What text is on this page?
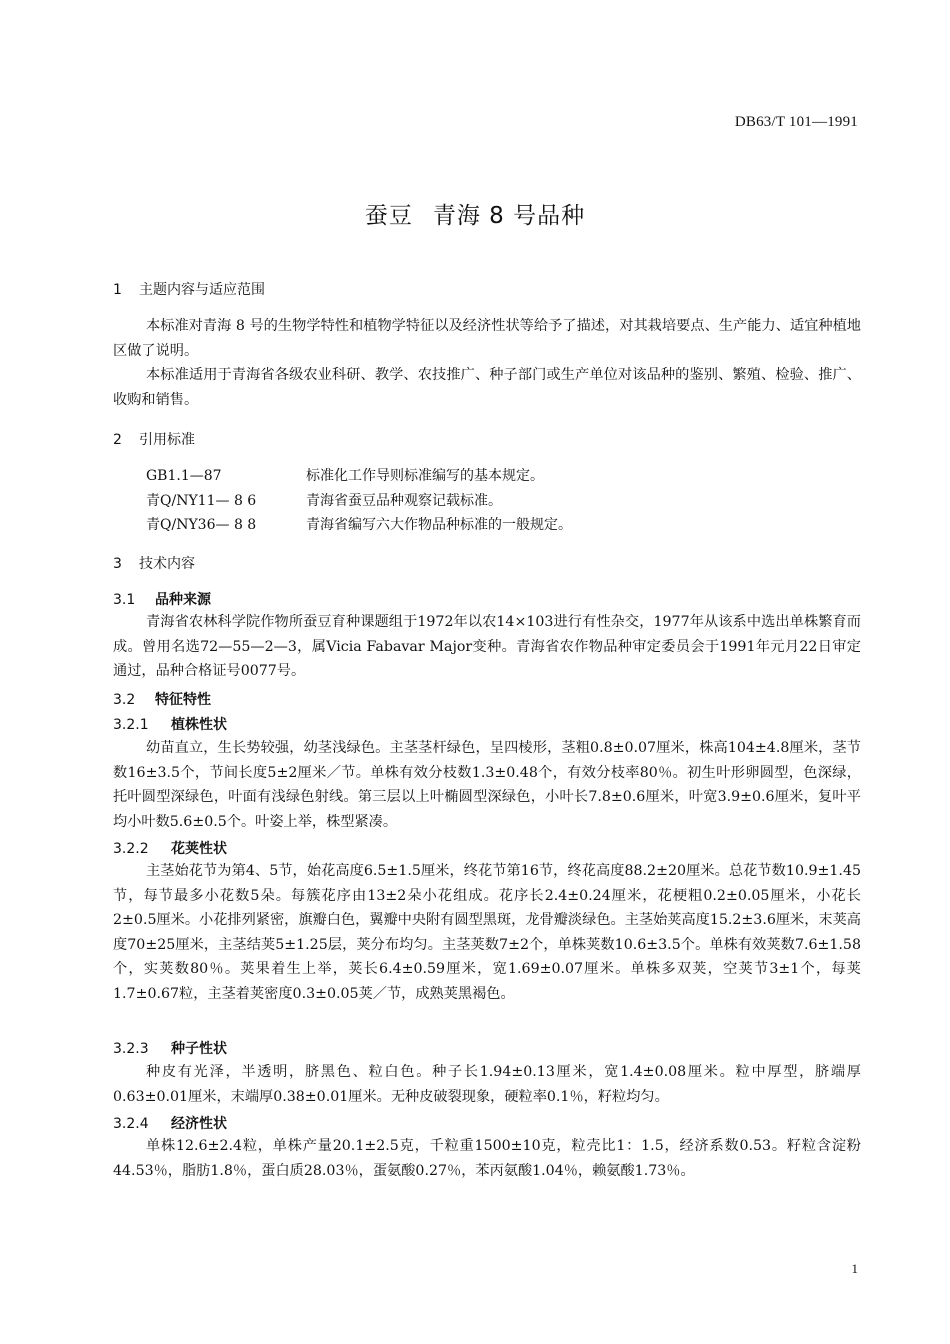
DB63/T 101—1991
蚕豆 青海 8 号品种
1 主题内容与适应范围
本标准对青海 8 号的生物学特性和植物学特征以及经济性状等给予了描述，对其栽培要点、生产能力、适宜种植地区做了说明。
本标准适用于青海省各级农业科研、教学、农技推广、种子部门或生产单位对该品种的鉴别、繁殖、检验、推广、收购和销售。
2 引用标准
GB1.1—87	标准化工作导则标准编写的基本规定。
青Q/NY11— 8 6	青海省蚕豆品种观察记载标准。
青Q/NY36— 8 8	青海省编写六大作物品种标准的一般规定。
3 技术内容
3.1 品种来源
青海省农林科学院作物所蚕豆育种课题组于1972年以农14×103进行有性杂交，1977年从该系中选出单株繁育而成。曾用名选72—55—2—3，属Vicia Fabavar Major变种。青海省农作物品种审定委员会于1991年元月22日审定通过，品种合格证号0077号。
3.2 特征特性
3.2.1 植株性状
幼苗直立，生长势较强，幼茎浅绿色。主茎茎杆绿色，呈四棱形，茎粗0.8±0.07厘米，株高104±4.8厘米，茎节数16±3.5个，节间长度5±2厘米／节。单株有效分枝数1.3±0.48个，有效分枝率80％。初生叶形卵圆型，色深绿，托叶圆型深绿色，叶面有浅绿色射线。第三层以上叶椭圆型深绿色，小叶长7.8±0.6厘米，叶宽3.9±0.6厘米，复叶平均小叶数5.6±0.5个。叶姿上举，株型紧凑。
3.2.2 花荚性状
主茎始花节为第4、5节，始花高度6.5±1.5厘米，终花节第16节，终花高度88.2±20厘米。总花节数10.9±1.45节，每节最多小花数5朵。每簇花序由13±2朵小花组成。花序长2.4±0.24厘米，花梗粗0.2±0.05厘米，小花长2±0.5厘米。小花排列紧密，旗瓣白色，翼瓣中央附有圆型黑斑，龙骨瓣淡绿色。主茎始荚高度15.2±3.6厘米，末荚高度70±25厘米，主茎结荚5±1.25层，荚分布均匀。主茎荚数7±2个，单株荚数10.6±3.5个。单株有效荚数7.6±1.58个，实荚数80％。荚果着生上举，荚长6.4±0.59厘米，宽1.69±0.07厘米。单株多双荚，空荚节3±1个，每荚1.7±0.67粒，主茎着荚密度0.3±0.05荚／节，成熟荚黑褐色。
3.2.3 种子性状
种皮有光泽，半透明，脐黑色、粒白色。种子长1.94±0.13厘米，宽1.4±0.08厘米。粒中厚型，脐端厚0.63±0.01厘米，末端厚0.38±0.01厘米。无种皮破裂现象，硬粒率0.1％，籽粒均匀。
3.2.4 经济性状
单株12.6±2.4粒，单株产量20.1±2.5克，千粒重1500±10克，粒壳比1：1.5，经济系数0.53。籽粒含淀粉44.53％，脂肪1.8％，蛋白质28.03％，蛋氨酸0.27％，苯丙氨酸1.04％，赖氨酸1.73％。
1
